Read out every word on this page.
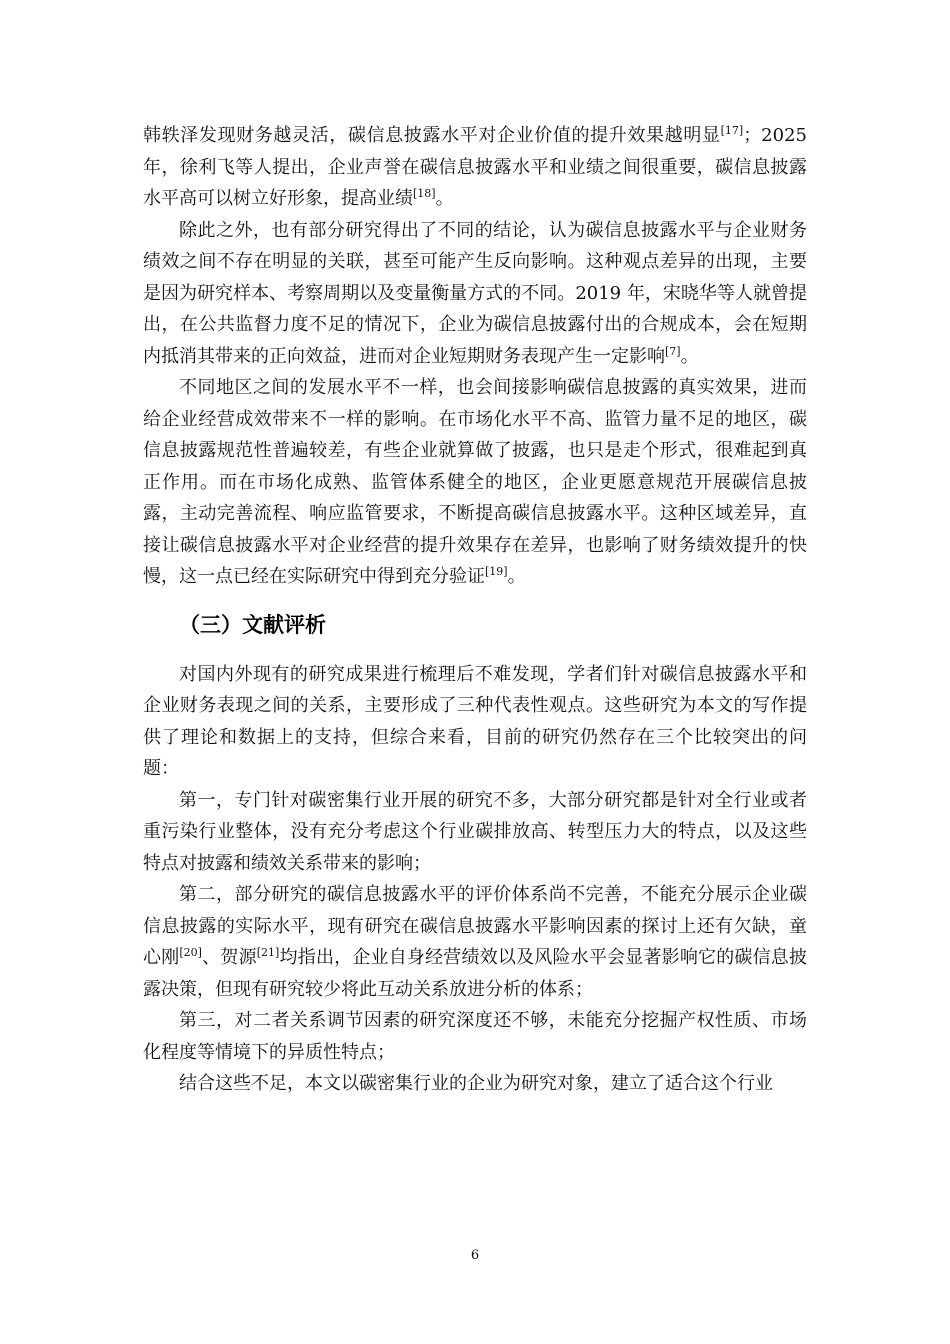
韩轶泽发现财务越灵活，碳信息披露水平对企业价值的提升效果越明显[17]；2025年，徐利飞等人提出，企业声誉在碳信息披露水平和业绩之间很重要，碳信息披露水平高可以树立好形象，提高业绩[18]。

除此之外，也有部分研究得出了不同的结论，认为碳信息披露水平与企业财务绩效之间不存在明显的关联，甚至可能产生反向影响。这种观点差异的出现，主要是因为研究样本、考察周期以及变量衡量方式的不同。2019 年，宋晓华等人就曾提出，在公共监督力度不足的情况下，企业为碳信息披露付出的合规成本，会在短期内抵消其带来的正向效益，进而对企业短期财务表现产生一定影响[7]。

不同地区之间的发展水平不一样，也会间接影响碳信息披露的真实效果，进而给企业经营成效带来不一样的影响。在市场化水平不高、监管力量不足的地区，碳信息披露规范性普遍较差，有些企业就算做了披露，也只是走个形式，很难起到真正作用。而在市场化成熟、监管体系健全的地区，企业更愿意规范开展碳信息披露，主动完善流程、响应监管要求，不断提高碳信息披露水平。这种区域差异，直接让碳信息披露水平对企业经营的提升效果存在差异，也影响了财务绩效提升的快慢，这一点已经在实际研究中得到充分验证[19]。

（三）文献评析

对国内外现有的研究成果进行梳理后不难发现，学者们针对碳信息披露水平和企业财务表现之间的关系，主要形成了三种代表性观点。这些研究为本文的写作提供了理论和数据上的支持，但综合来看，目前的研究仍然存在三个比较突出的问题：

第一，专门针对碳密集行业开展的研究不多，大部分研究都是针对全行业或者重污染行业整体，没有充分考虑这个行业碳排放高、转型压力大的特点，以及这些特点对披露和绩效关系带来的影响；

第二，部分研究的碳信息披露水平的评价体系尚不完善，不能充分展示企业碳信息披露的实际水平，现有研究在碳信息披露水平影响因素的探讨上还有欠缺，童心刚[20]、贺源[21]均指出，企业自身经营绩效以及风险水平会显著影响它的碳信息披露决策，但现有研究较少将此互动关系放进分析的体系；

第三，对二者关系调节因素的研究深度还不够，未能充分挖掘产权性质、市场化程度等情境下的异质性特点；

结合这些不足，本文以碳密集行业的企业为研究对象，建立了适合这个行业

6
